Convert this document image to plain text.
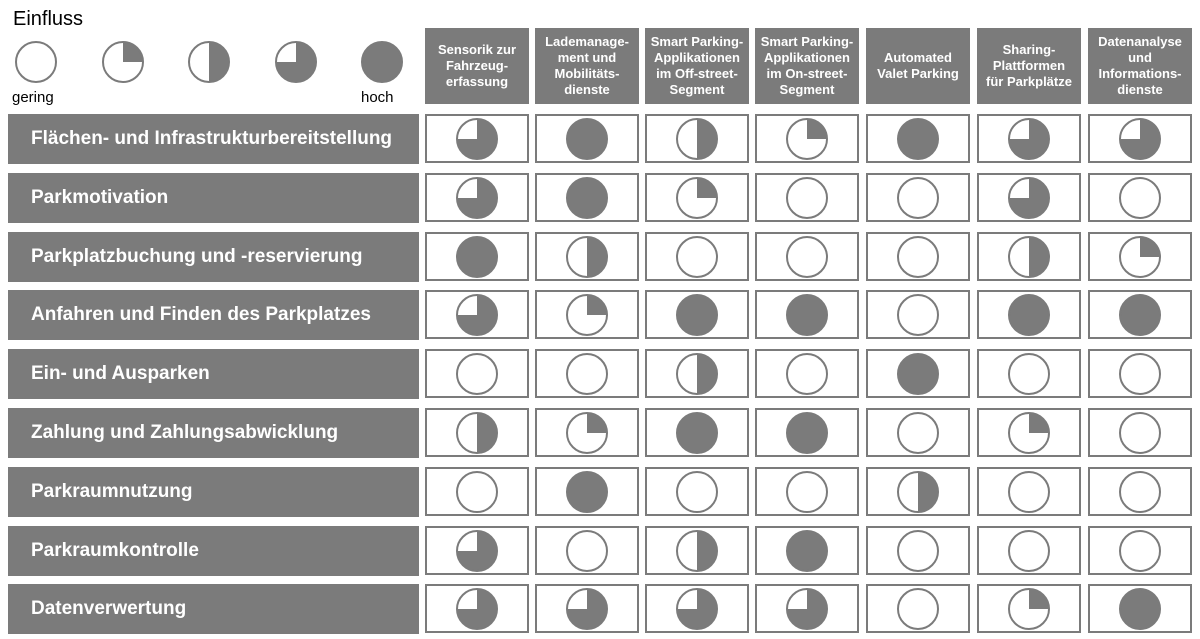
Einfluss
gering	hoch
Sensorik zur
Fahrzeug-
erfassung
Lademanage-
ment und
Mobilitäts-
dienste
Smart Parking-
Applikationen
im Off-street-
Segment
Smart Parking-
Applikationen
im On-street-
Segment
Automated
Valet Parking
Sharing-
Plattformen
für Parkplätze
Datenanalyse
und
Informations-
dienste
Flächen- und Infrastrukturbereitstellung
Parkmotivation
Parkplatzbuchung und -reservierung
Anfahren und Finden des Parkplatzes
Ein- und Ausparken
Zahlung und Zahlungsabwicklung
Parkraumnutzung
Parkraumkontrolle
Datenverwertung
